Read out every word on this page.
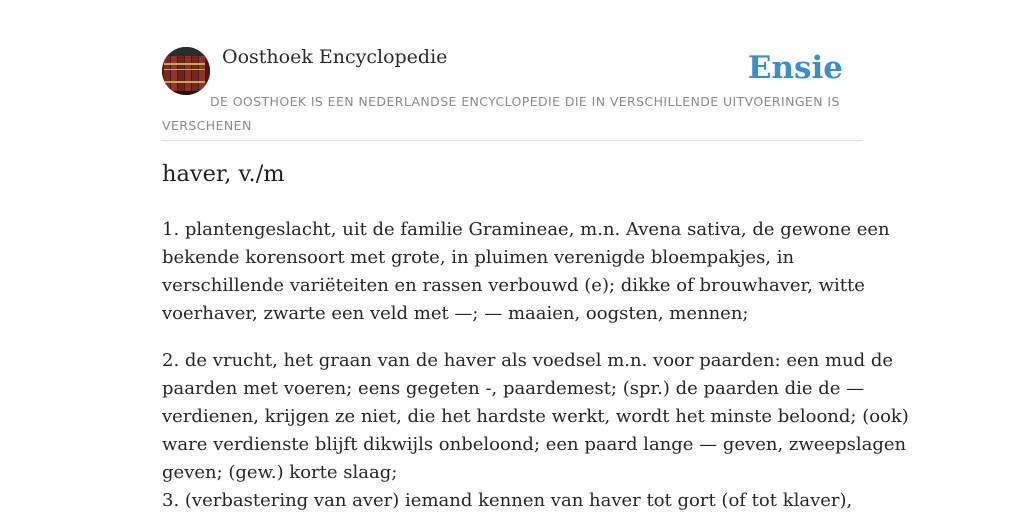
Oosthoek Encyclopedie	Ensie
DE OOSTHOEK IS EEN NEDERLANDSE ENCYCLOPEDIE DIE IN VERSCHILLENDE UITVOERINGEN IS VERSCHENEN
haver, v./m

1. plantengeslacht, uit de familie Gramineae, m.n. Avena sativa, de gewone een
bekende korensoort met grote, in pluimen verenigde bloempakjes, in
verschillende variëteiten en rassen verbouwd (e); dikke of brouwhaver, witte
voerhaver, zwarte een veld met —; — maaien, oogsten, mennen;

2. de vrucht, het graan van de haver als voedsel m.n. voor paarden: een mud de
paarden met voeren; eens gegeten -, paardemest; (spr.) de paarden die de —
verdienen, krijgen ze niet, die het hardste werkt, wordt het minste beloond; (ook)
ware verdienste blijft dikwijls onbeloond; een paard lange — geven, zweepslagen
geven; (gew.) korte slaag;
3. (verbastering van aver) iemand kennen van haver tot gort (of tot klaver),
